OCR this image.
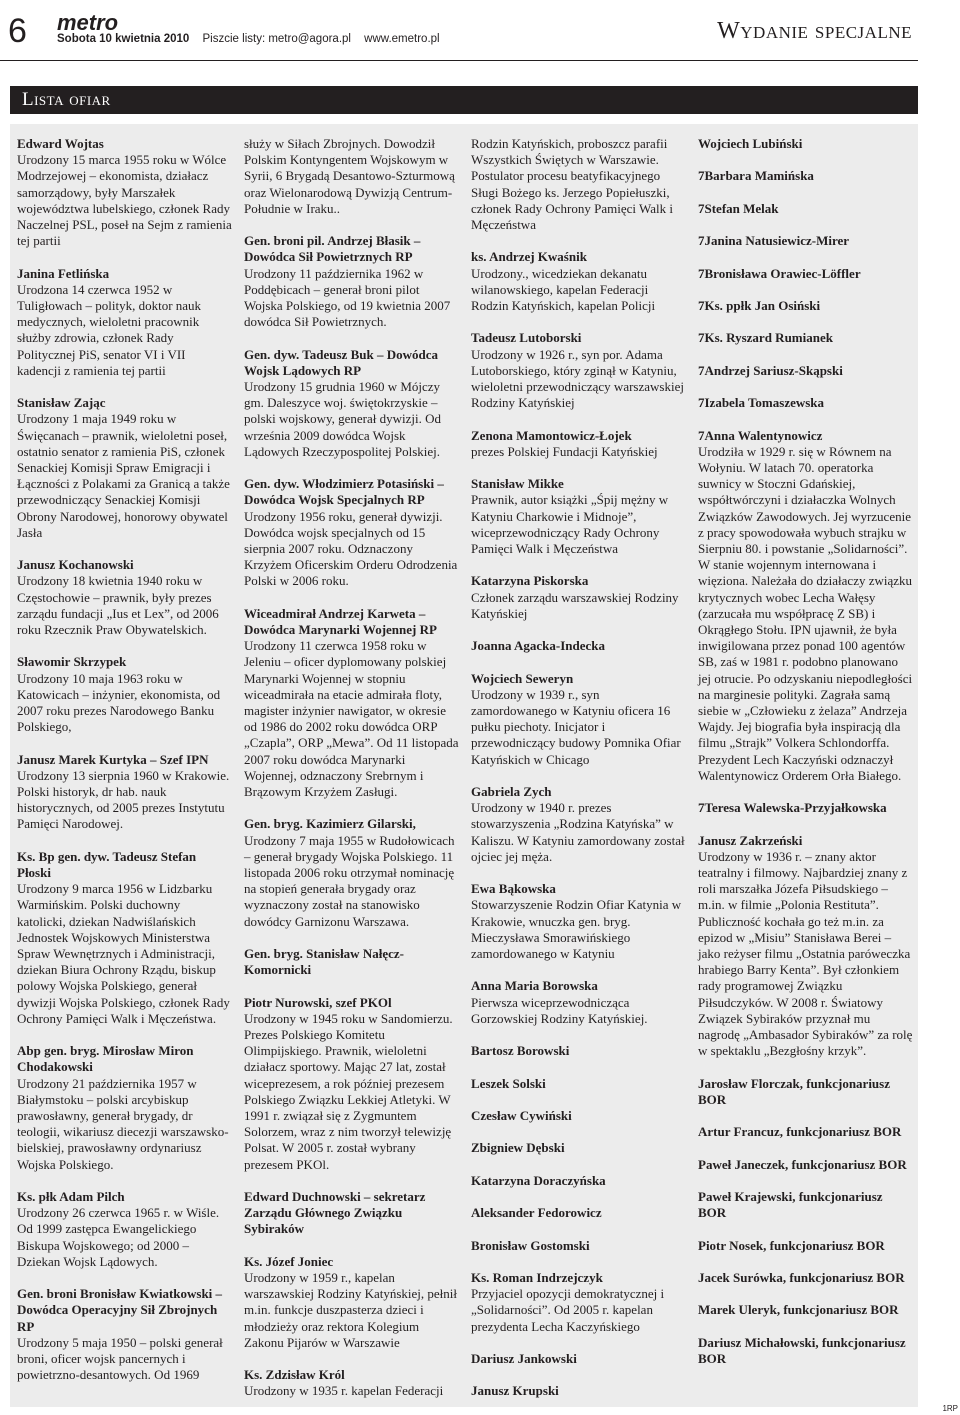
6 metro
Sobota 10 kwietnia 2010 Piszcie listy: metro@agora.pl www.emetro.pl	Wydanie specjalne
Lista ofiar
Edward Wojtas
Urodzony 15 marca 1955 roku w Wólce Modrzejowej – ekonomista, działacz samorządowy, były Marszałek województwa lubelskiego, członek Rady Naczelnej PSL, poseł na Sejm z ramienia tej partii
Janina Fetlińska
Urodzona 14 czerwca 1952 w Tuligłowach – polityk, doktor nauk medycznych, wieloletni pracownik służby zdrowia, członek Rady Politycznej PiS, senator VI i VII kadencji z ramienia tej partii
Stanisław Zając
Urodzony 1 maja 1949 roku w Święcanach – prawnik, wieloletni poseł, ostatnio senator z ramienia PiS, członek Senackiej Komisji Spraw Emigracji i Łączności z Polakami za Granicą a także przewodniczący Senackiej Komisji Obrony Narodowej, honorowy obywatel Jasła
Janusz Kochanowski
Urodzony 18 kwietnia 1940 roku w Częstochowie – prawnik, były prezes zarządu fundacji „Ius et Lex”, od 2006 roku Rzecznik Praw Obywatelskich.
Sławomir Skrzypek
Urodzony 10 maja 1963 roku w Katowicach – inżynier, ekonomista, od 2007 roku prezes Narodowego Banku Polskiego,
Janusz Marek Kurtyka – Szef IPN
Urodzony 13 sierpnia 1960 w Krakowie. Polski historyk, dr hab. nauk historycznych, od 2005 prezes Instytutu Pamięci Narodowej.
Ks. Bp gen. dyw. Tadeusz Stefan Płoski
Urodzony 9 marca 1956 w Lidzbarku Warmińskim. Polski duchowny katolicki, dziekan Nadwiślańskich Jednostek Wojskowych Ministerstwa Spraw Wewnętrznych i Administracji, dziekan Biura Ochrony Rządu, biskup polowy Wojska Polskiego, generał dywizji Wojska Polskiego, członek Rady Ochrony Pamięci Walk i Męczeństwa.
Abp gen. bryg. Mirosław Miron Chodakowski
Urodzony 21 października 1957 w Białymstoku – polski arcybiskup prawosławny, generał brygady, dr teologii, wikariusz diecezji warszawsko-bielskiej, prawosławny ordynariusz Wojska Polskiego.
Ks. płk Adam Pilch
Urodzony 26 czerwca 1965 r. w Wiśle. Od 1999 zastępca Ewangelickiego Biskupa Wojskowego; od 2000 – Dziekan Wojsk Lądowych.
Gen. broni Bronisław Kwiatkowski – Dowódca Operacyjny Sił Zbrojnych RP
Urodzony 5 maja 1950 – polski generał broni, oficer wojsk pancernych i powietrzno-desantowych. Od 1969
służy w Siłach Zbrojnych. Dowodził Polskim Kontyngentem Wojskowym w Syrii, 6 Brygadą Desantowo-Szturmową oraz Wielonarodową Dywizją Centrum-Południe w Iraku..
Gen. broni pil. Andrzej Błasik – Dowódca Sił Powietrznych RP
Urodzony 11 października 1962 w Poddębicach – generał broni pilot Wojska Polskiego, od 19 kwietnia 2007 dowódca Sił Powietrznych.
Gen. dyw. Tadeusz Buk – Dowódca Wojsk Lądowych RP
Urodzony 15 grudnia 1960 w Mójczy gm. Daleszyce woj. świętokrzyskie – polski wojskowy, generał dywizji. Od września 2009 dowódca Wojsk Lądowych Rzeczypospolitej Polskiej.
Gen. dyw. Włodzimierz Potasiński – Dowódca Wojsk Specjalnych RP
Urodzony 1956 roku, generał dywizji. Dowódca wojsk specjalnych od 15 sierpnia 2007 roku. Odznaczony Krzyżem Oficerskim Orderu Odrodzenia Polski w 2006 roku.
Wiceadmirał Andrzej Karweta – Dowódca Marynarki Wojennej RP
Urodzony 11 czerwca 1958 roku w Jeleniu – oficer dyplomowany polskiej Marynarki Wojennej w stopniu wiceadmirała na etacie admirała floty, magister inżynier nawigator, w okresie od 1986 do 2002 roku dowódca ORP „Czapla”, ORP „Mewa”. Od 11 listopada 2007 roku dowódca Marynarki Wojennej, odznaczony Srebrnym i Brązowym Krzyżem Zasługi.
Gen. bryg. Kazimierz Gilarski,
Urodzony 7 maja 1955 w Rudołowicach – generał brygady Wojska Polskiego. 11 listopada 2006 roku otrzymał nominację na stopień generała brygady oraz wyznaczony został na stanowisko dowódcy Garnizonu Warszawa.
Gen. bryg. Stanisław Nałęcz-Komornicki
Piotr Nurowski, szef PKOl
Urodzony w 1945 roku w Sandomierzu. Prezes Polskiego Komitetu Olimpijskiego. Prawnik, wieloletni działacz sportowy. Mając 27 lat, został wiceprezesem, a rok później prezesem Polskiego Związku Lekkiej Atletyki. W 1991 r. związał się z Zygmuntem Solorzem, wraz z nim tworzył telewizję Polsat. W 2005 r. został wybrany prezesem PKOl.
Edward Duchnowski – sekretarz Zarządu Głównego Związku Sybiraków
Ks. Józef Joniec
Urodzony w 1959 r., kapelan warszawskiej Rodziny Katyńskiej, pełnił m.in. funkcje duszpasterza dzieci i młodzieży oraz rektora Kolegium Zakonu Pijarów w Warszawie
Ks. Zdzisław Król
Urodzony w 1935 r. kapelan Federacji
Rodzin Katyńskich, proboszcz parafii Wszystkich Świętych w Warszawie. Postulator procesu beatyfikacyjnego Sługi Bożego ks. Jerzego Popiełuszki, członek Rady Ochrony Pamięci Walk i Męczeństwa
ks. Andrzej Kwaśnik
Urodzony., wicedziekan dekanatu wilanowskiego, kapelan Federacji Rodzin Katyńskich, kapelan Policji
Tadeusz Lutoborski
Urodzony w 1926 r., syn por. Adama Lutoborskiego, który zginął w Katyniu, wieloletni przewodniczący warszawskiej Rodziny Katyńskiej
Zenona Mamontowicz-Łojek
prezes Polskiej Fundacji Katyńskiej
Stanisław Mikke
Prawnik, autor książki „Śpij mężny w Katyniu Charkowie i Midnoje”, wiceprzewodniczący Rady Ochrony Pamięci Walk i Męczeństwa
Katarzyna Piskorska
Członek zarządu warszawskiej Rodziny Katyńskiej
Joanna Agacka-Indecka
Wojciech Seweryn
Urodzony w 1939 r., syn zamordowanego w Katyniu oficera 16 pułku piechoty. Inicjator i przewodniczący budowy Pomnika Ofiar Katyńskich w Chicago
Gabriela Zych
Urodzony w 1940 r. prezes stowarzyszenia „Rodzina Katyńska” w Kaliszu. W Katyniu zamordowany został ojciec jej męża.
Ewa Bąkowska
Stowarzyszenie Rodzin Ofiar Katynia w Krakowie, wnuczka gen. bryg. Mieczysława Smorawińskiego zamordowanego w Katyniu
Anna Maria Borowska
Pierwsza wiceprzewodnicząca Gorzowskiej Rodziny Katyńskiej.
Bartosz Borowski
Leszek Solski
Czesław Cywiński
Zbigniew Dębski
Katarzyna Doraczyńska
Aleksander Fedorowicz
Bronisław Gostomski
Ks. Roman Indrzejczyk
Przyjaciel opozycji demokratycznej i „Solidarności”. Od 2005 r. kapelan prezydenta Lecha Kaczyńskiego
Dariusz Jankowski
Janusz Krupski
Wojciech Lubiński
7Barbara Mamińska
7Stefan Melak
7Janina Natusiewicz-Mirer
7Bronisława Orawiec-Löffler
7Ks. ppłk Jan Osiński
7Ks. Ryszard Rumianek
7Andrzej Sariusz-Skąpski
7Izabela Tomaszewska
7Anna Walentynowicz
Urodziła w 1929 r. się w Równem na Wołyniu. W latach 70. operatorka suwnicy w Stoczni Gdańskiej, współtwórczyni i działaczka Wolnych Związków Zawodowych. Jej wyrzucenie z pracy spowodowała wybuch strajku w Sierpniu 80. i powstanie „Solidarności”. W stanie wojennym internowana i więziona. Należała do działaczy związku krytycznych wobec Lecha Wałęsy (zarzucała mu współpracę Z SB) i Okrągłego Stołu. IPN ujawnił, że była inwigilowana przez ponad 100 agentów SB, zaś w 1981 r. podobno planowano jej otrucie. Po odzyskaniu niepodległości na marginesie polityki. Zagrała samą siebie w „Człowieku z żelaza” Andrzeja Wajdy. Jej biografia była inspiracją dla filmu „Strajk” Volkera Schlondorffa. Prezydent Lech Kaczyński odznaczył Walentynowicz Orderem Orła Białego.
7Teresa Walewska-Przyjałkowska
Janusz Zakrzeński
Urodzony w 1936 r. – znany aktor teatralny i filmowy. Najbardziej znany z roli marszałka Józefa Piłsudskiego – m.in. w filmie „Polonia Restituta”. Publiczność kochała go też m.in. za epizod w „Misiu” Stanisława Berei – jako reżyser filmu „Ostatnia paróweczka hrabiego Barry Kenta”. Był członkiem rady programowej Związku Piłsudczyków. W 2008 r. Światowy Związek Sybiraków przyznał mu nagrodę „Ambasador Sybiraków” za rolę w spektaklu „Bezgłośny krzyk”.
Jarosław Florczak, funkcjonariusz BOR
Artur Francuz, funkcjonariusz BOR
Paweł Janeczek, funkcjonariusz BOR
Paweł Krajewski, funkcjonariusz BOR
Piotr Nosek, funkcjonariusz BOR
Jacek Surówka, funkcjonariusz BOR
Marek Uleryk, funkcjonariusz BOR
Dariusz Michałowski, funkcjonariusz BOR
1RP
